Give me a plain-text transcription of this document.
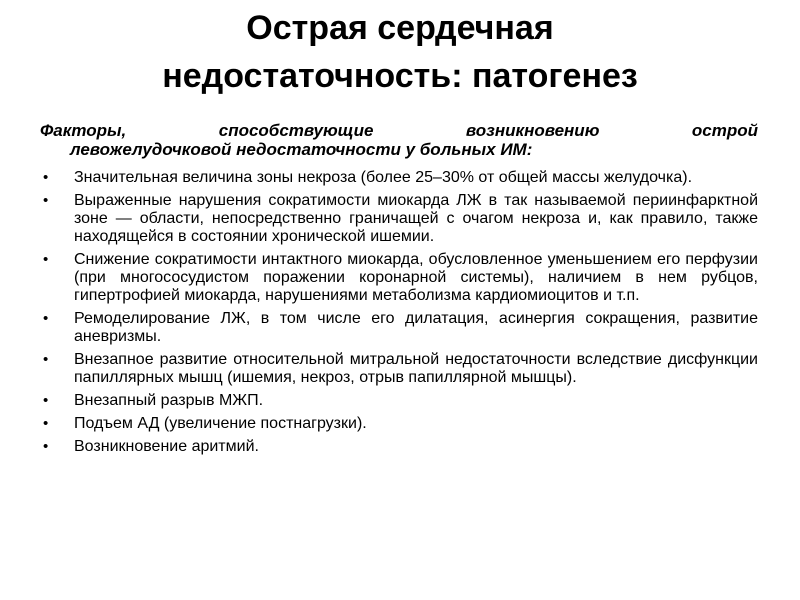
Острая сердечная
недостаточность: патогенез

Факторы, способствующие возникновению острой
левожелудочковой недостаточности у больных ИМ:

•	Значительная величина зоны некроза (более 25–30% от общей массы желудочка).
•	Выраженные нарушения сократимости миокарда ЛЖ в так называемой периинфарктной зоне — области, непосредственно граничащей с очагом некроза и, как правило, также находящейся в состоянии хронической ишемии.
•	Снижение сократимости интактного миокарда, обусловленное уменьшением его перфузии (при многососудистом поражении коронарной системы), наличием в нем рубцов, гипертрофией миокарда, нарушениями метаболизма кардиомиоцитов и т.п.
•	Ремоделирование ЛЖ, в том числе его дилатация, асинергия сокращения, развитие аневризмы.
•	Внезапное развитие относительной митральной недостаточности вследствие дисфункции папиллярных мышц (ишемия, некроз, отрыв папиллярной мышцы).
•	Внезапный разрыв МЖП.
•	Подъем АД (увеличение постнагрузки).
•	Возникновение аритмий.
